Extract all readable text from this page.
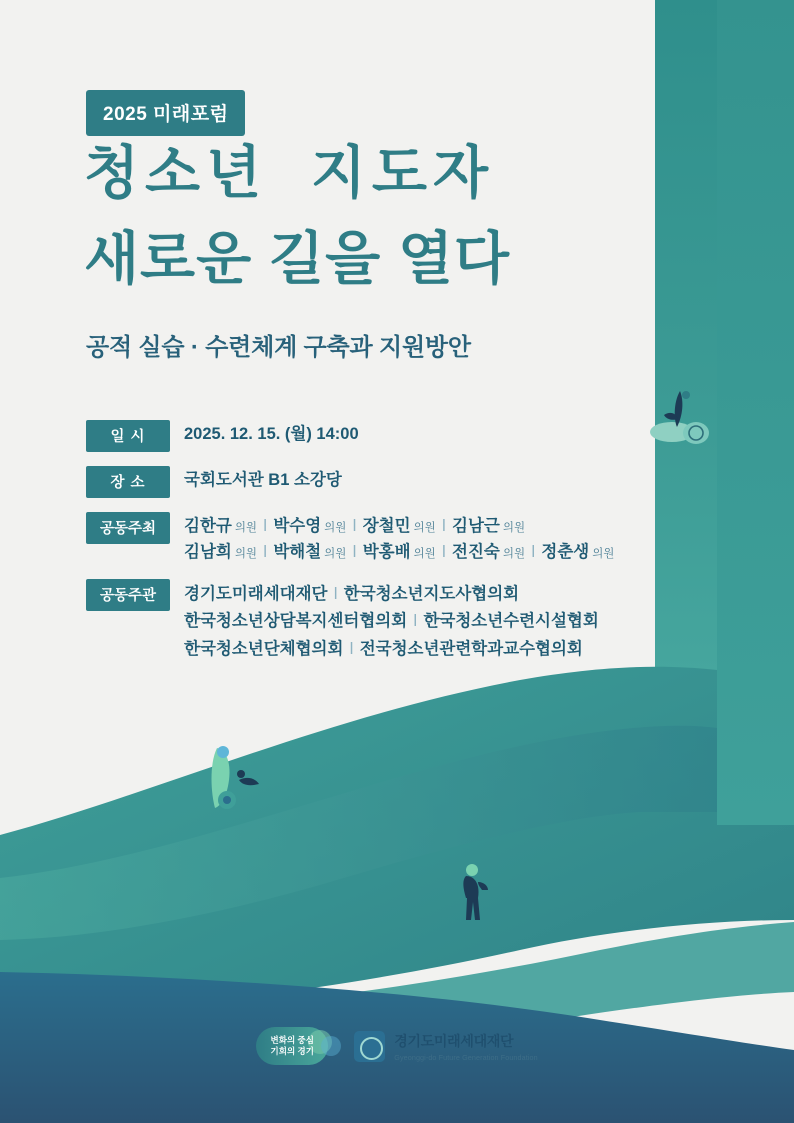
2025 미래포럼
청소년  지도자
새로운 길을 열다
공적 실습 · 수련체계 구축과 지원방안
일 시	2025. 12. 15. (월) 14:00
장 소	국회도서관 B1 소강당
공동주최	김한규 의원 ǀ 박수영 의원 ǀ 장철민 의원 ǀ 김남근 의원
김남희 의원 ǀ 박해철 의원 ǀ 박홍배 의원 ǀ 전진숙 의원 ǀ 정춘생 의원
공동주관	경기도미래세대재단 ǀ 한국청소년지도사협의회
한국청소년상담복지센터협의회 ǀ 한국청소년수련시설협회
한국청소년단체협의회 ǀ 전국청소년관련학과교수협의회
변화의 중심
기회의 경기
경기도미래세대재단
Gyeonggi-do Future Generation Foundation
